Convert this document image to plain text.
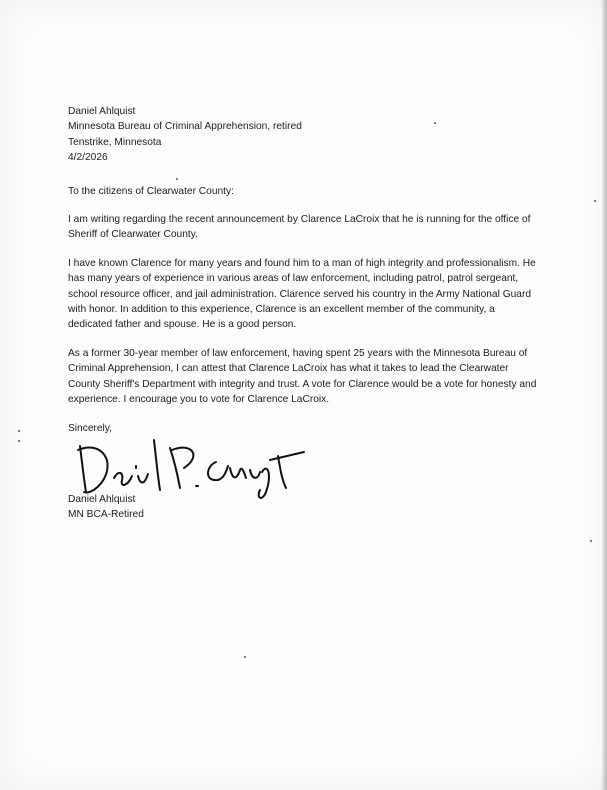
Daniel Ahlquist
Minnesota Bureau of Criminal Apprehension, retired
Tenstrike, Minnesota
4/2/2026
To the citizens of Clearwater County:
I am writing regarding the recent announcement by Clarence LaCroix that he is running for the office of Sheriff of Clearwater County.
I have known Clarence for many years and found him to a man of high integrity and professionalism. He has many years of experience in various areas of law enforcement, including patrol, patrol sergeant, school resource officer, and jail administration. Clarence served his country in the Army National Guard with honor. In addition to this experience, Clarence is an excellent member of the community, a dedicated father and spouse. He is a good person.
As a former 30-year member of law enforcement, having spent 25 years with the Minnesota Bureau of Criminal Apprehension, I can attest that Clarence LaCroix has what it takes to lead the Clearwater County Sheriff's Department with integrity and trust. A vote for Clarence would be a vote for honesty and experience. I encourage you to vote for Clarence LaCroix.
Sincerely,
Daniel Ahlquist
MN BCA-Retired
